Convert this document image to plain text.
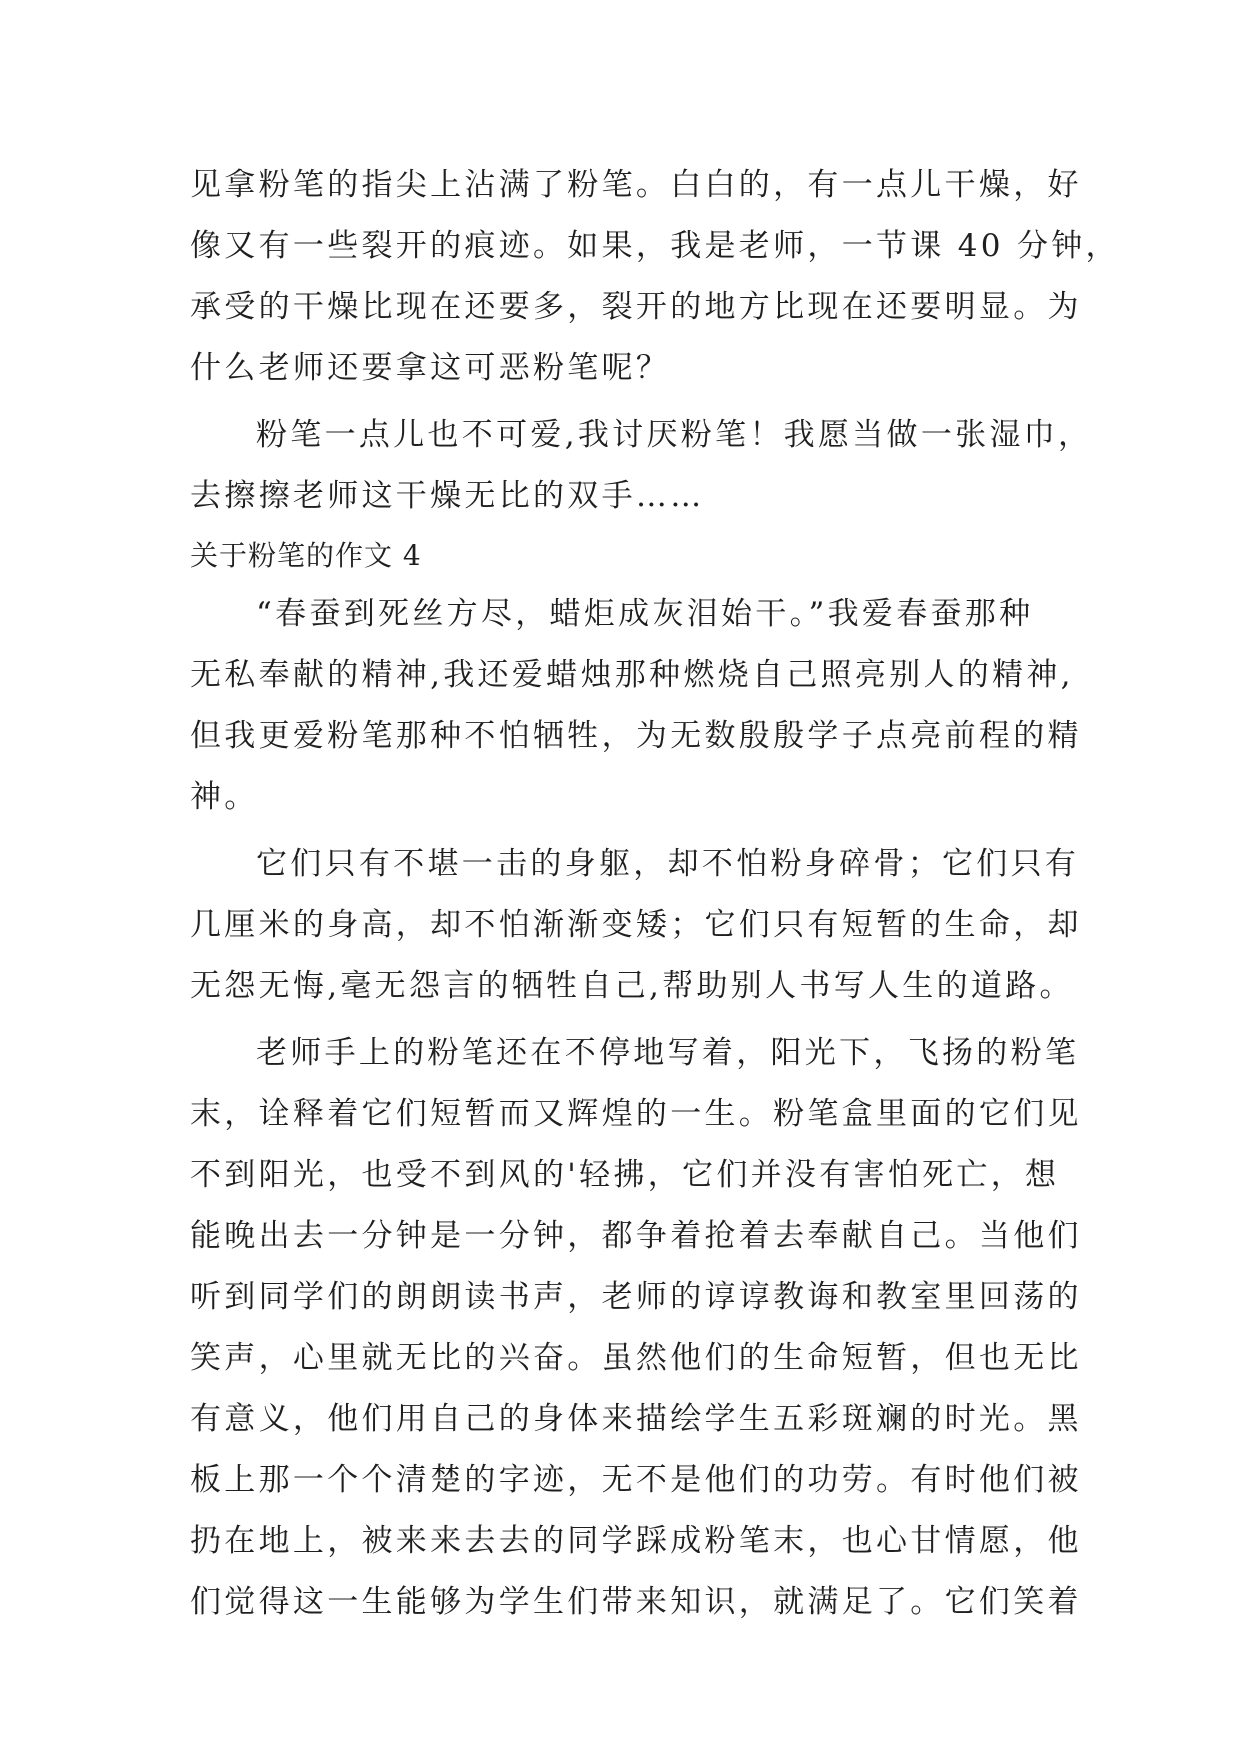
见拿粉笔的指尖上沾满了粉笔。白白的，有一点儿干燥，好
像又有一些裂开的痕迹。如果，我是老师，一节课 40 分钟，
承受的干燥比现在还要多，裂开的地方比现在还要明显。为
什么老师还要拿这可恶粉笔呢？
粉笔一点儿也不可爱,我讨厌粉笔！我愿当做一张湿巾，
去擦擦老师这干燥无比的双手……
关于粉笔的作文 4
“春蚕到死丝方尽，蜡炬成灰泪始干。”我爱春蚕那种
无私奉献的精神,我还爱蜡烛那种燃烧自己照亮别人的精神,
但我更爱粉笔那种不怕牺牲，为无数殷殷学子点亮前程的精
神。
它们只有不堪一击的身躯，却不怕粉身碎骨；它们只有
几厘米的身高，却不怕渐渐变矮；它们只有短暂的生命，却
无怨无悔,毫无怨言的牺牲自己,帮助别人书写人生的道路。
老师手上的粉笔还在不停地写着，阳光下，飞扬的粉笔
末，诠释着它们短暂而又辉煌的一生。粉笔盒里面的它们见
不到阳光，也受不到风的'轻拂，它们并没有害怕死亡，想
能晚出去一分钟是一分钟，都争着抢着去奉献自己。当他们
听到同学们的朗朗读书声，老师的谆谆教诲和教室里回荡的
笑声，心里就无比的兴奋。虽然他们的生命短暂，但也无比
有意义，他们用自己的身体来描绘学生五彩斑斓的时光。黑
板上那一个个清楚的字迹，无不是他们的功劳。有时他们被
扔在地上，被来来去去的同学踩成粉笔末，也心甘情愿，他
们觉得这一生能够为学生们带来知识，就满足了。它们笑着
